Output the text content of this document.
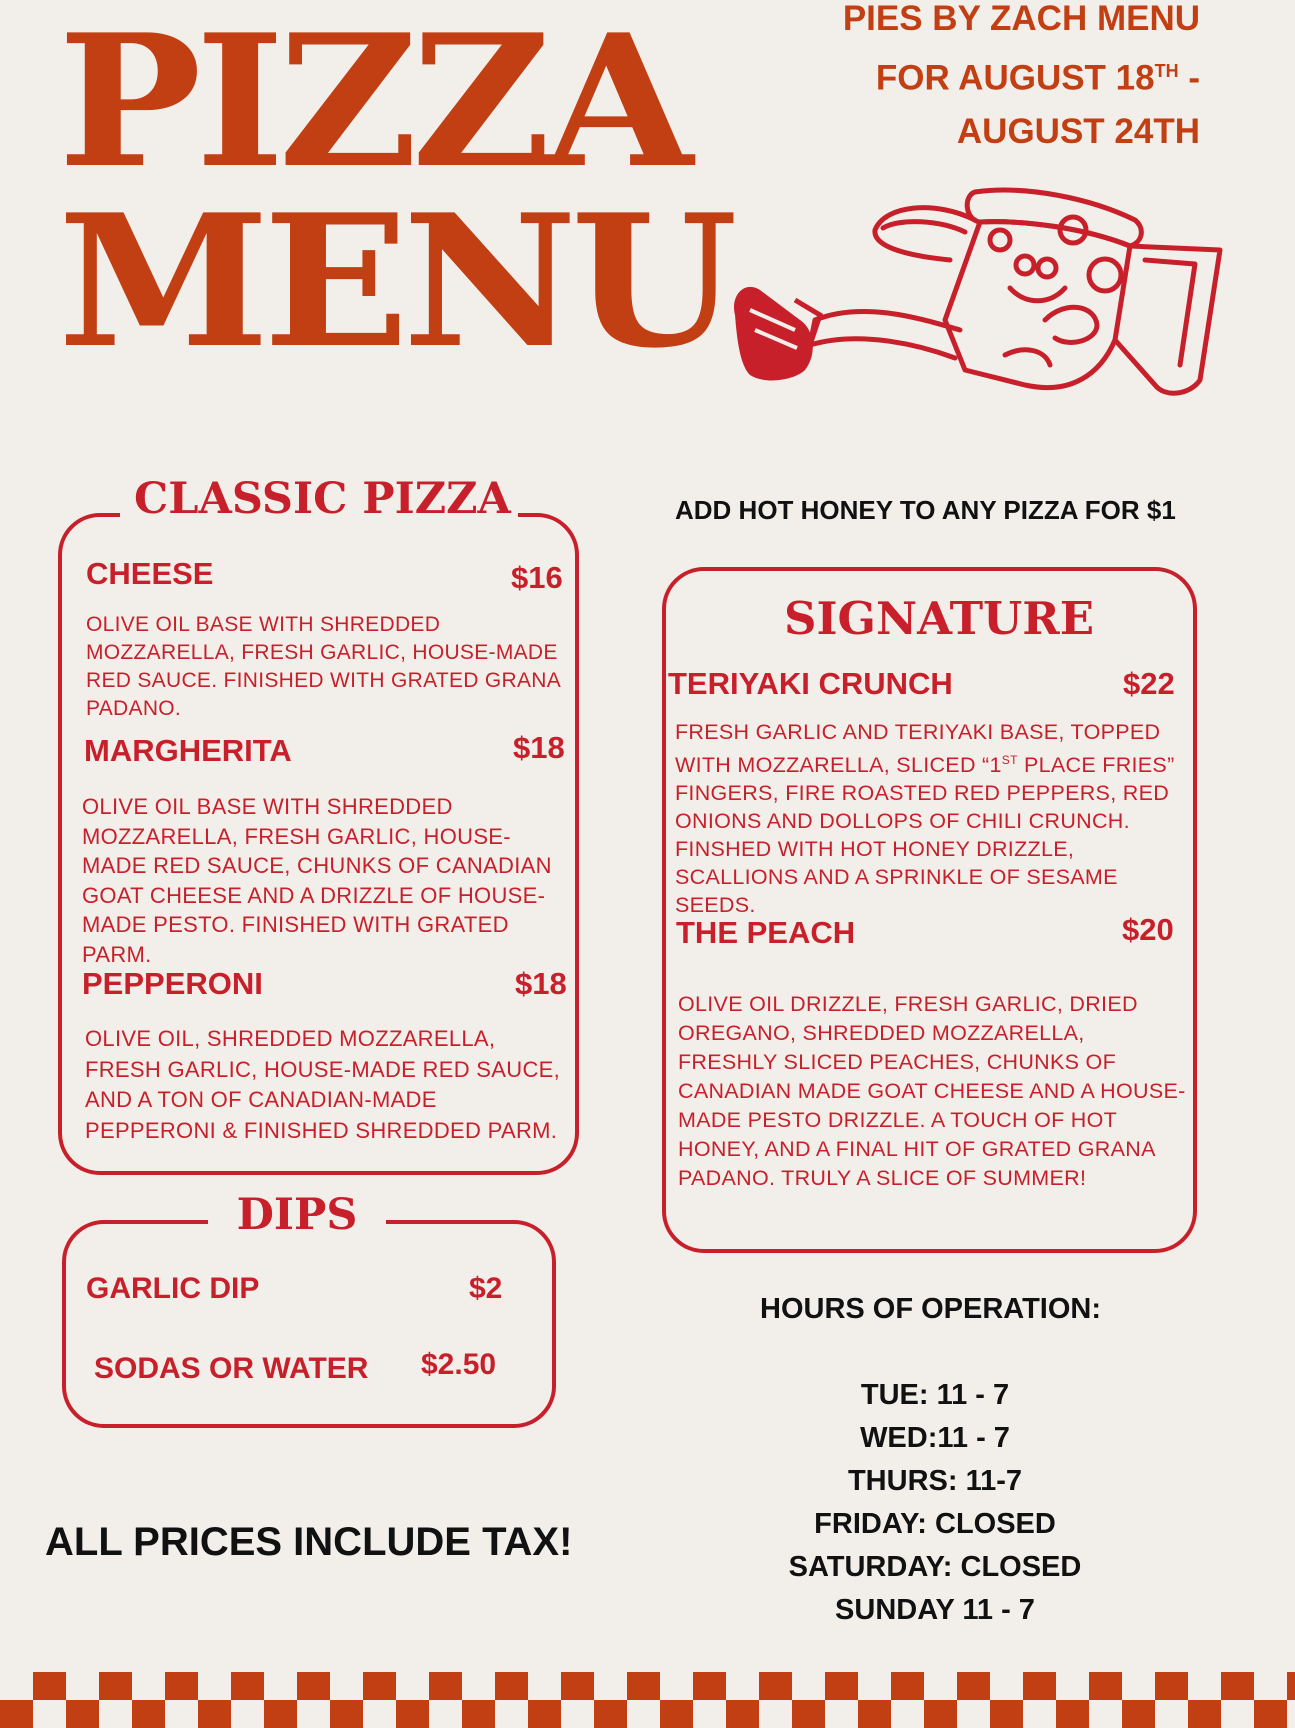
PIZZA
MENU
PIES BY ZACH MENU
FOR AUGUST 18TH -
AUGUST 24TH
CLASSIC PIZZA
CHEESE	$16
OLIVE OIL BASE WITH SHREDDED MOZZARELLA, FRESH GARLIC, HOUSE-MADE RED SAUCE. FINISHED WITH GRATED GRANA PADANO.
MARGHERITA	$18
OLIVE OIL BASE WITH SHREDDED MOZZARELLA, FRESH GARLIC, HOUSE-MADE RED SAUCE, CHUNKS OF CANADIAN GOAT CHEESE AND A DRIZZLE OF HOUSE-MADE PESTO. FINISHED WITH GRATED PARM.
PEPPERONI	$18
OLIVE OIL, SHREDDED MOZZARELLA, FRESH GARLIC, HOUSE-MADE RED SAUCE, AND A TON OF CANADIAN-MADE PEPPERONI & FINISHED SHREDDED PARM.
DIPS
GARLIC DIP	$2
SODAS OR WATER $2.50
ADD HOT HONEY TO ANY PIZZA FOR $1
SIGNATURE
TERIYAKI CRUNCH	$22
FRESH GARLIC AND TERIYAKI BASE, TOPPED WITH MOZZARELLA, SLICED “1ST PLACE FRIES” FINGERS, FIRE ROASTED RED PEPPERS, RED ONIONS AND DOLLOPS OF CHILI CRUNCH. FINSHED WITH HOT HONEY DRIZZLE, SCALLIONS AND A SPRINKLE OF SESAME SEEDS.
THE PEACH	$20
OLIVE OIL DRIZZLE, FRESH GARLIC, DRIED OREGANO, SHREDDED MOZZARELLA, FRESHLY SLICED PEACHES, CHUNKS OF CANADIAN MADE GOAT CHEESE AND A HOUSE-MADE PESTO DRIZZLE. A TOUCH OF HOT HONEY, AND A FINAL HIT OF GRATED GRANA PADANO. TRULY A SLICE OF SUMMER!
HOURS OF OPERATION:
TUE: 11 - 7
WED:11 - 7
THURS: 11-7
FRIDAY: CLOSED
SATURDAY: CLOSED
SUNDAY 11 - 7
ALL PRICES INCLUDE TAX!
